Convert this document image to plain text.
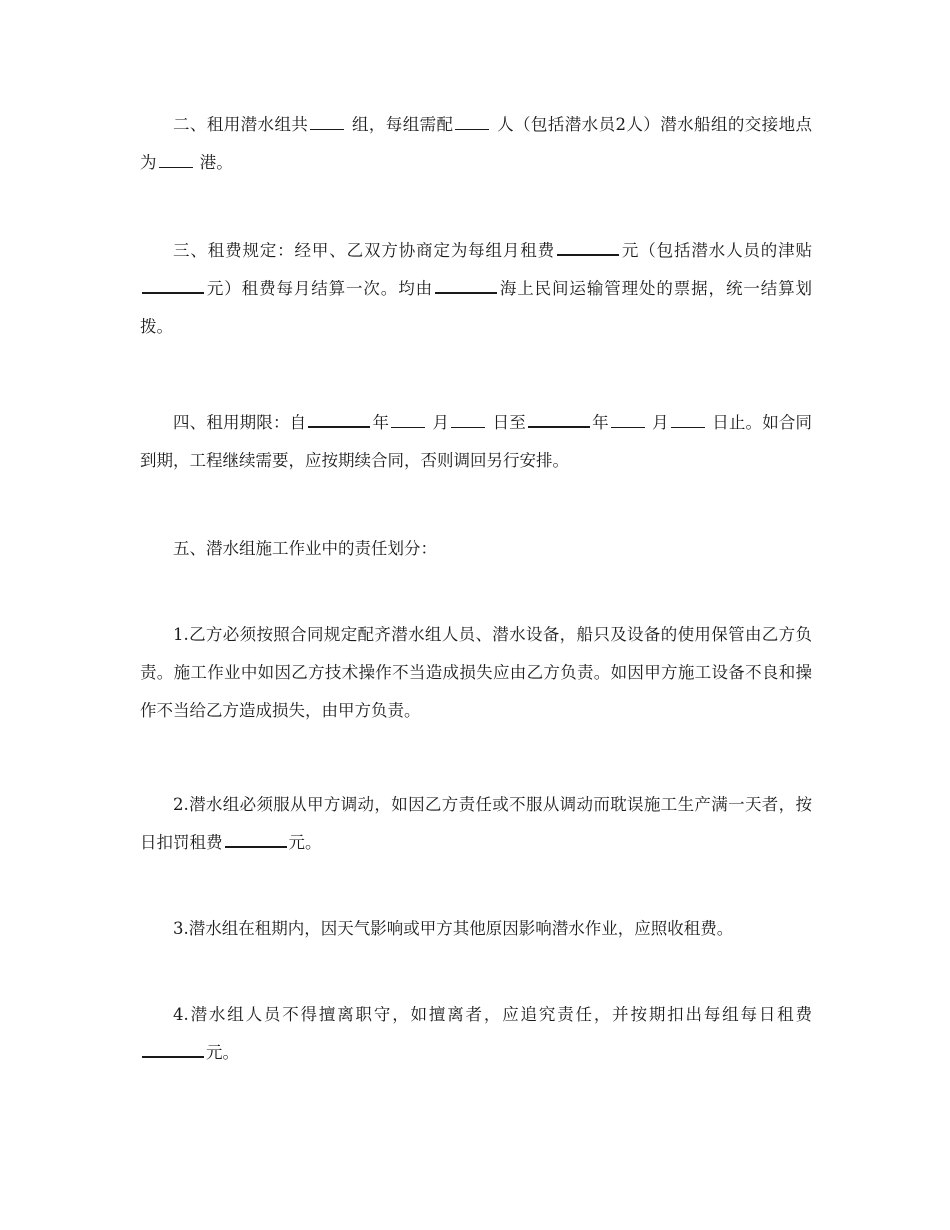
二、租用潜水组共 组，每组需配 人（包括潜水员2人）潜水船组的交接地点为 港。

三、租费规定：经甲、乙双方协商定为每组月租费	元（包括潜水人员的津贴元）租费每月结算一次。均由	海上民间运输管理处的票据，统一结算划拨。

四、租用期限：自	年 月 日至	年 月 日止。如合同到期，工程继续需要，应按期续合同，否则调回另行安排。

五、潜水组施工作业中的责任划分：

1.乙方必须按照合同规定配齐潜水组人员、潜水设备，船只及设备的使用保管由乙方负责。施工作业中如因乙方技术操作不当造成损失应由乙方负责。如因甲方施工设备不良和操作不当给乙方造成损失，由甲方负责。

2.潜水组必须服从甲方调动，如因乙方责任或不服从调动而耽误施工生产满一天者，按日扣罚租费	元。

3.潜水组在租期内，因天气影响或甲方其他原因影响潜水作业，应照收租费。

4.潜水组人员不得擅离职守，如擅离者，应追究责任，并按期扣出每组每日租费元。
